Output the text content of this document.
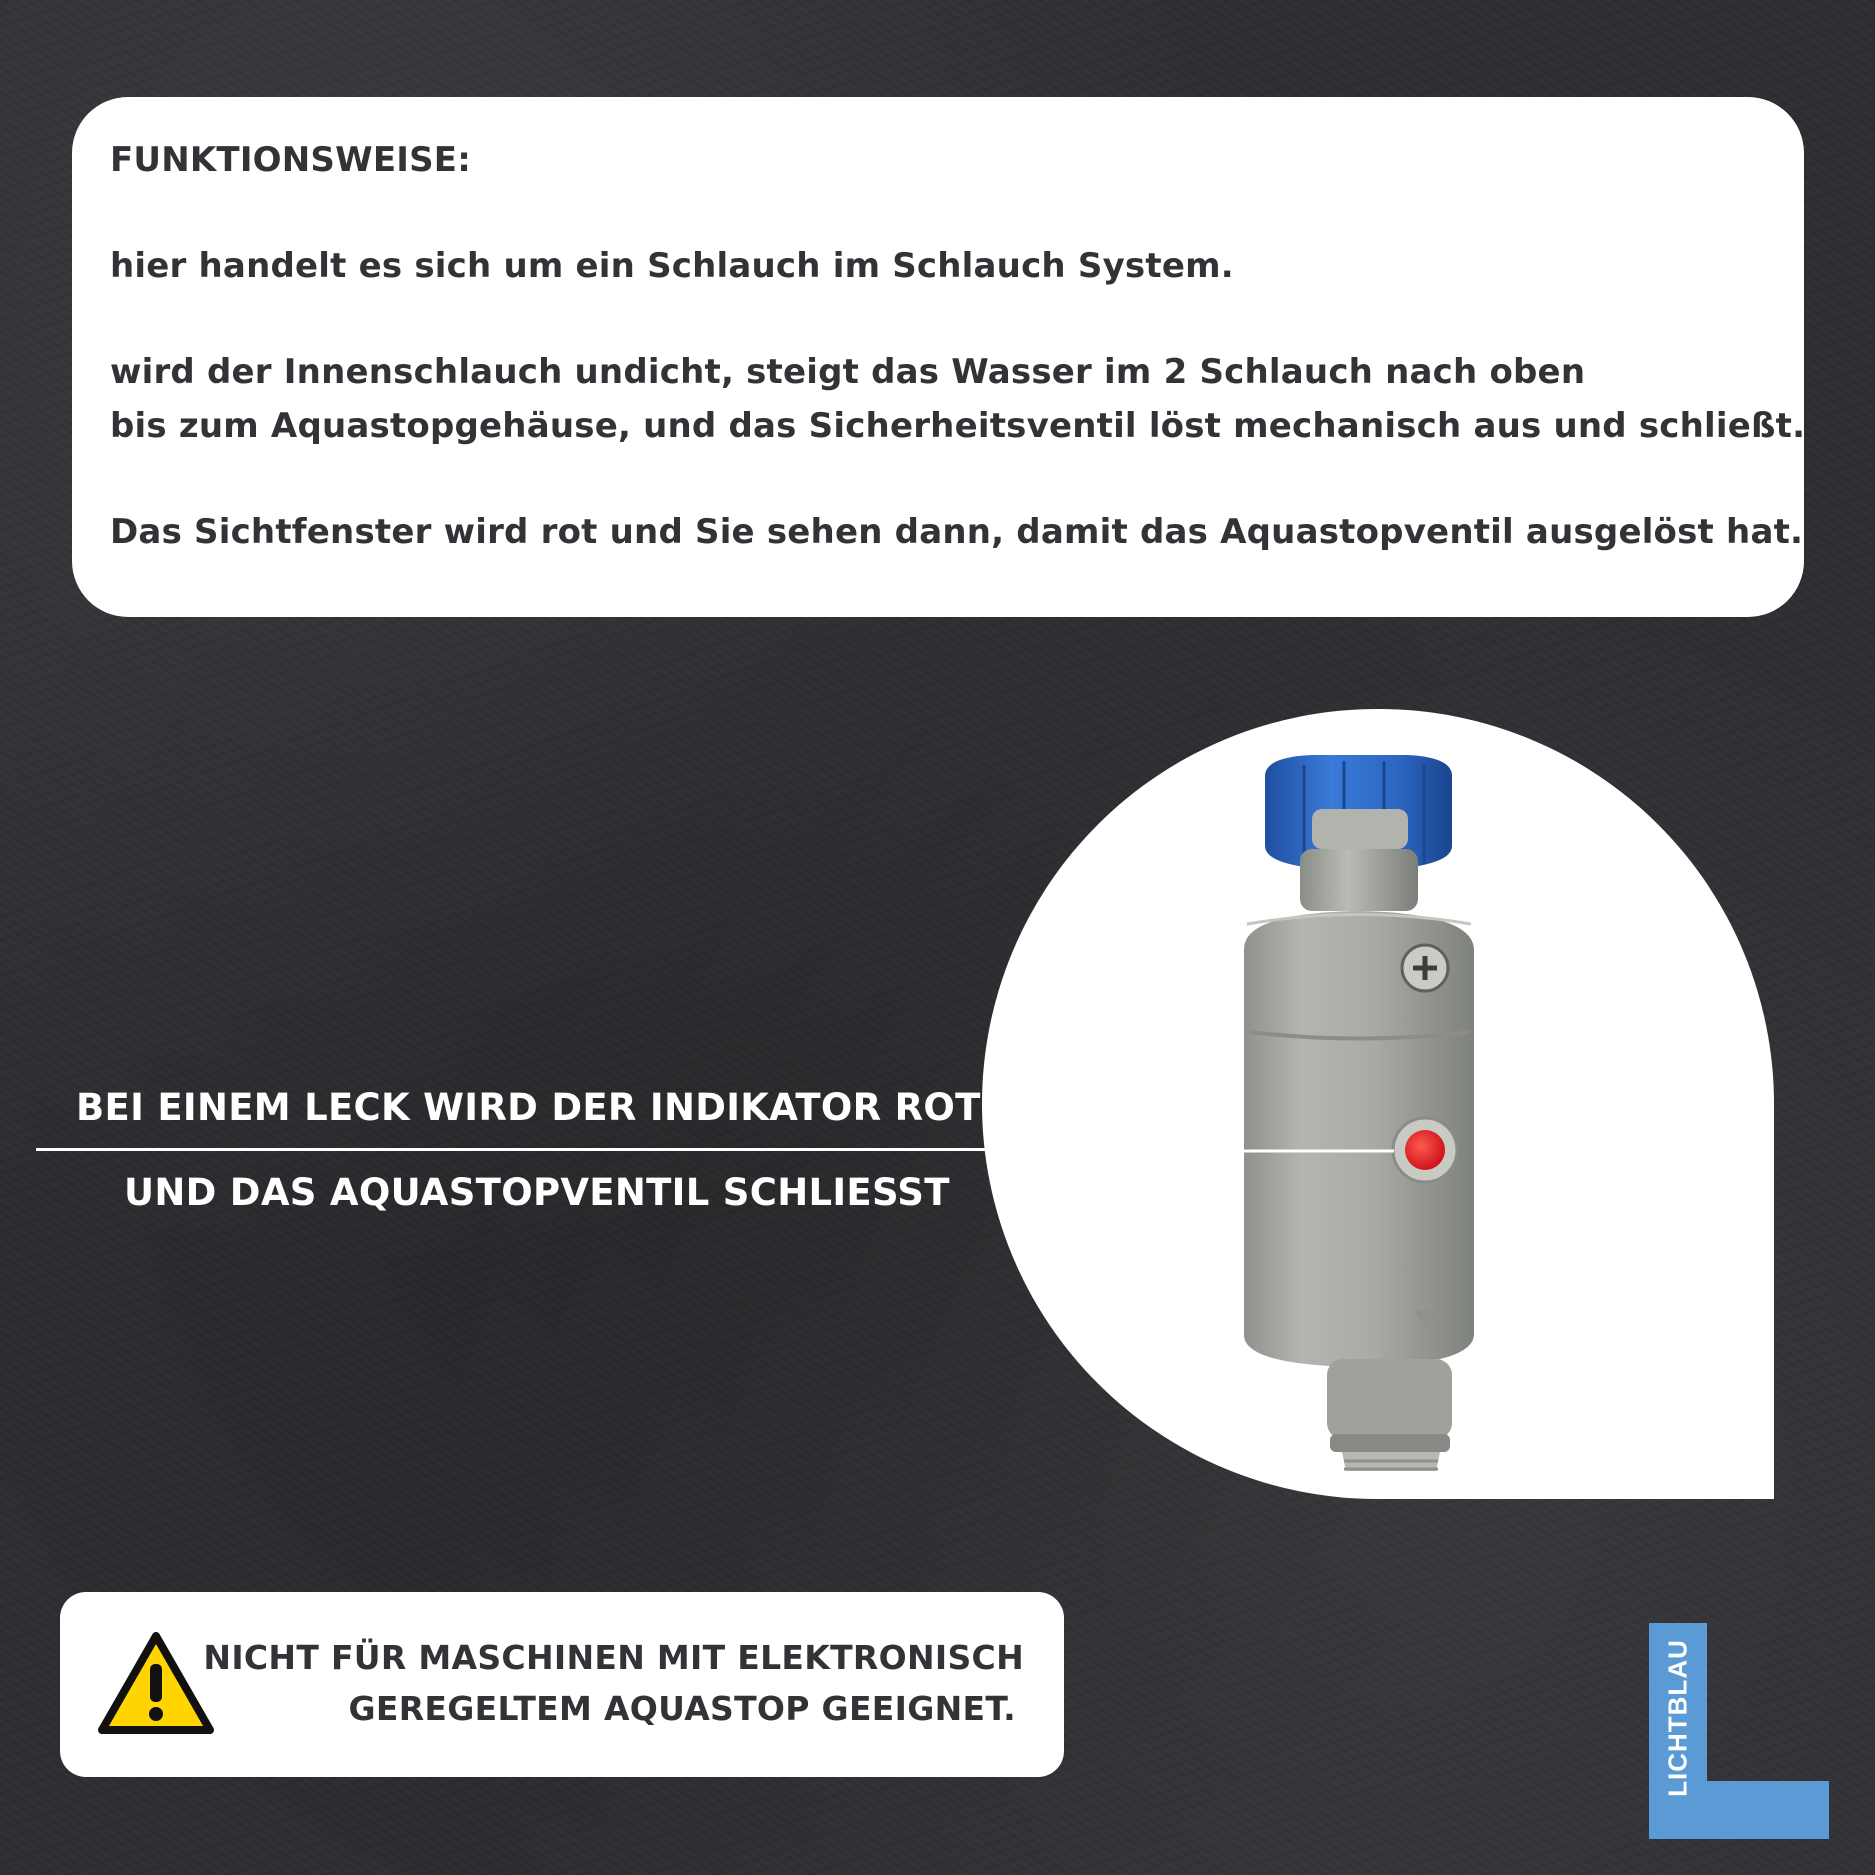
FUNKTIONSWEISE:

hier handelt es sich um ein Schlauch im Schlauch System.

wird der Innenschlauch undicht, steigt das Wasser im 2 Schlauch nach oben

bis zum Aquastopgehäuse, und das Sicherheitsventil löst mechanisch aus und schließt.

Das Sichtfenster wird rot und Sie sehen dann, damit das Aquastopventil ausgelöst hat.

BEI EINEM LECK WIRD DER INDIKATOR ROT
UND DAS AQUASTOPVENTIL SCHLIESST
NICHT FÜR MASCHINEN MIT ELEKTRONISCH
GEREGELTEM AQUASTOP GEEIGNET.	LICHTBLAU
